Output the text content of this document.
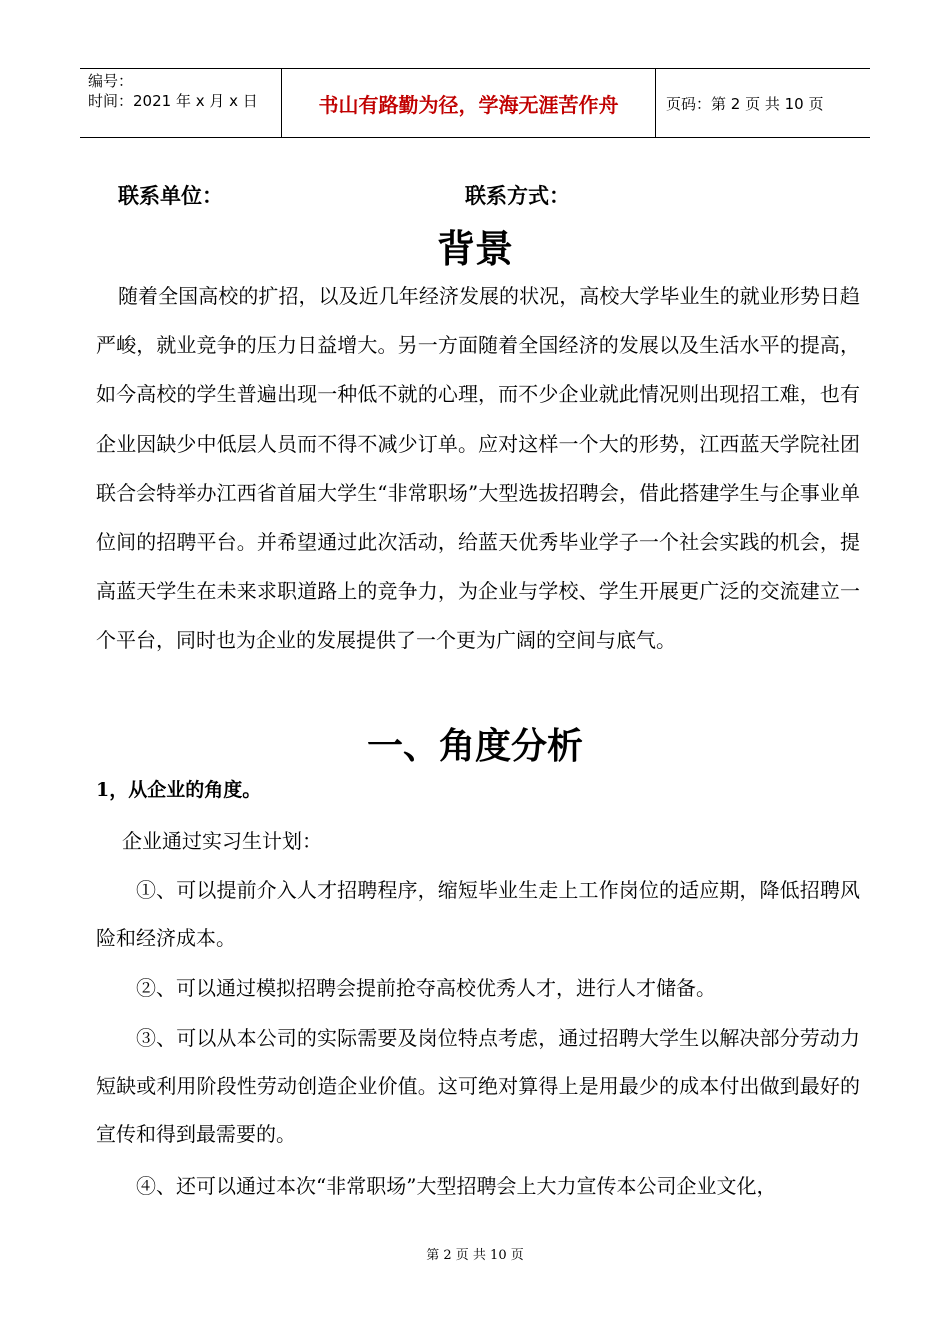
编号：
时间：2021 年 x 月 x 日	书山有路勤为径，学海无涯苦作舟	页码：第 2 页 共 10 页
联系单位：	联系方式：
背景
随着全国高校的扩招，以及近几年经济发展的状况，高校大学毕业生的就业形势日趋严峻，就业竞争的压力日益增大。另一方面随着全国经济的发展以及生活水平的提高，如今高校的学生普遍出现一种低不就的心理，而不少企业就此情况则出现招工难，也有企业因缺少中低层人员而不得不减少订单。应对这样一个大的形势，江西蓝天学院社团联合会特举办江西省首届大学生“非常职场”大型选拔招聘会，借此搭建学生与企事业单位间的招聘平台。并希望通过此次活动，给蓝天优秀毕业学子一个社会实践的机会，提高蓝天学生在未来求职道路上的竞争力，为企业与学校、学生开展更广泛的交流建立一个平台，同时也为企业的发展提供了一个更为广阔的空间与底气。
一、角度分析
1，从企业的角度。
企业通过实习生计划：
①、可以提前介入人才招聘程序，缩短毕业生走上工作岗位的适应期，降低招聘风险和经济成本。
②、可以通过模拟招聘会提前抢夺高校优秀人才，进行人才储备。
③、可以从本公司的实际需要及岗位特点考虑，通过招聘大学生以解决部分劳动力短缺或利用阶段性劳动创造企业价值。这可绝对算得上是用最少的成本付出做到最好的宣传和得到最需要的。
④、还可以通过本次“非常职场”大型招聘会上大力宣传本公司企业文化，
第 2 页 共 10 页
